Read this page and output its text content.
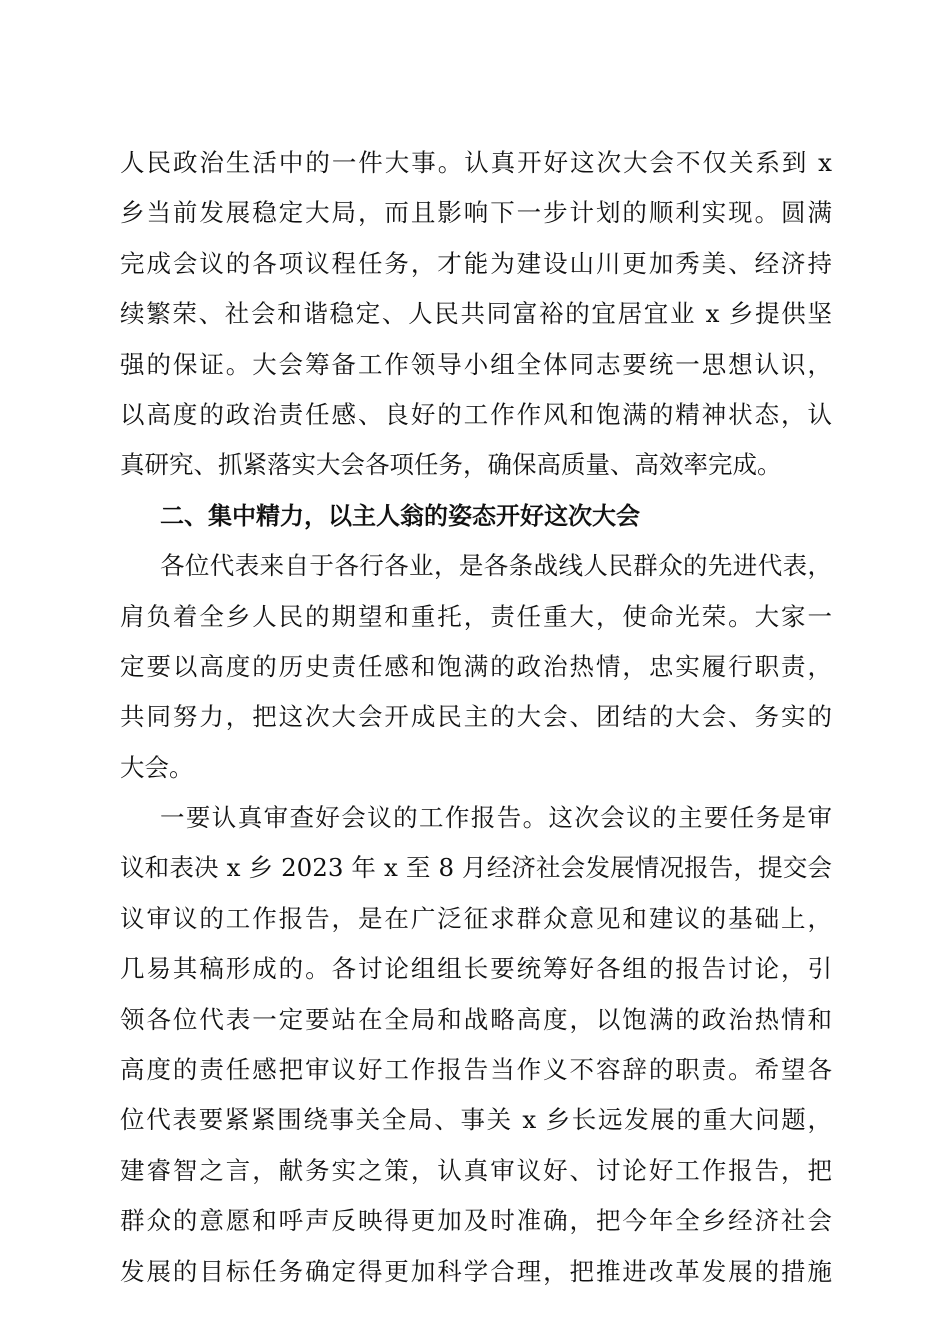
人民政治生活中的一件大事。认真开好这次大会不仅关系到 x
乡当前发展稳定大局，而且影响下一步计划的顺利实现。圆满
完成会议的各项议程任务，才能为建设山川更加秀美、经济持
续繁荣、社会和谐稳定、人民共同富裕的宜居宜业 x 乡提供坚
强的保证。大会筹备工作领导小组全体同志要统一思想认识，
以高度的政治责任感、良好的工作作风和饱满的精神状态，认
真研究、抓紧落实大会各项任务，确保高质量、高效率完成。
二、集中精力，以主人翁的姿态开好这次大会
各位代表来自于各行各业，是各条战线人民群众的先进代表，
肩负着全乡人民的期望和重托，责任重大，使命光荣。大家一
定要以高度的历史责任感和饱满的政治热情，忠实履行职责，
共同努力，把这次大会开成民主的大会、团结的大会、务实的
大会。
一要认真审查好会议的工作报告。这次会议的主要任务是审
议和表决 x 乡 2023 年 x 至 8 月经济社会发展情况报告，提交会
议审议的工作报告，是在广泛征求群众意见和建议的基础上，
几易其稿形成的。各讨论组组长要统筹好各组的报告讨论，引
领各位代表一定要站在全局和战略高度，以饱满的政治热情和
高度的责任感把审议好工作报告当作义不容辞的职责。希望各
位代表要紧紧围绕事关全局、事关 x 乡长远发展的重大问题，
建睿智之言，献务实之策，认真审议好、讨论好工作报告，把
群众的意愿和呼声反映得更加及时准确，把今年全乡经济社会
发展的目标任务确定得更加科学合理，把推进改革发展的措施
